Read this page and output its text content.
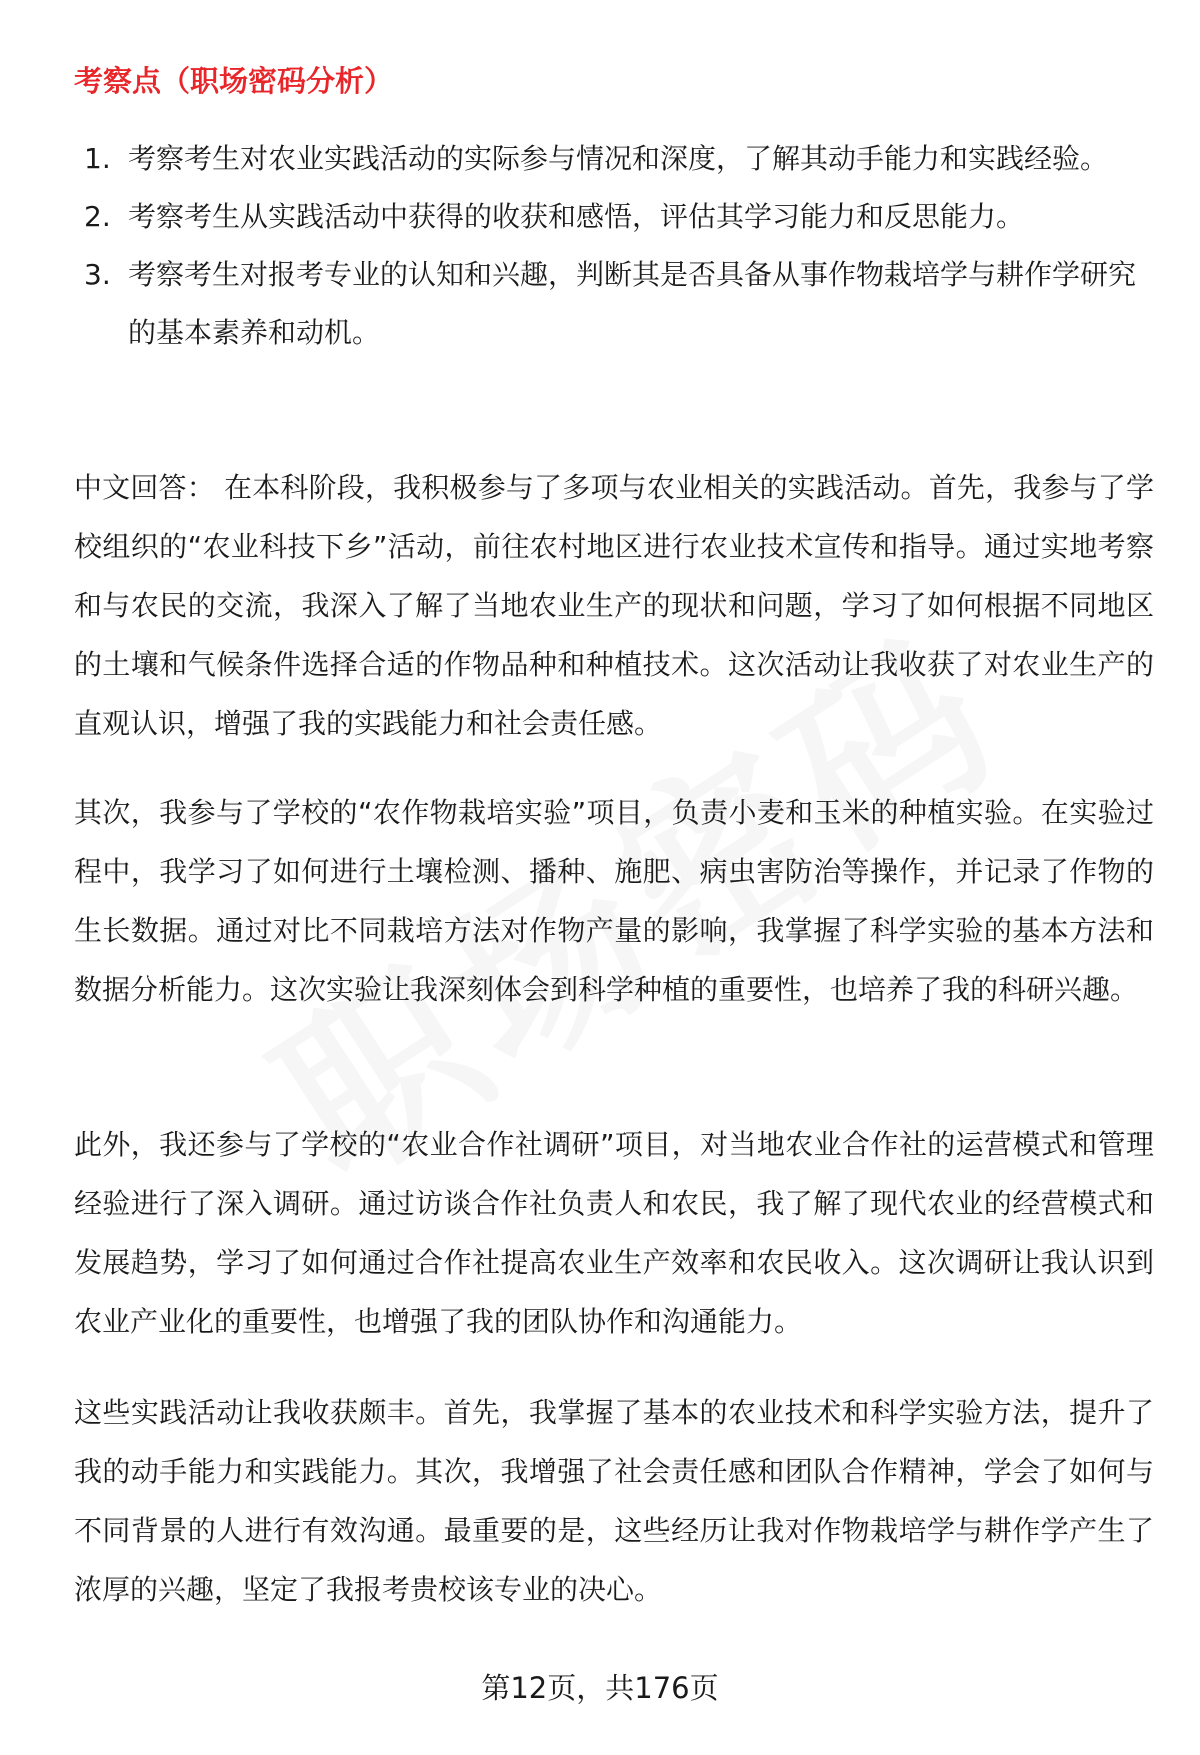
考察点（职场密码分析）
1. 考察考生对农业实践活动的实际参与情况和深度，了解其动手能力和实践经验。
2. 考察考生从实践活动中获得的收获和感悟，评估其学习能力和反思能力。
3. 考察考生对报考专业的认知和兴趣，判断其是否具备从事作物栽培学与耕作学研究的基本素养和动机。

中文回答： 在本科阶段，我积极参与了多项与农业相关的实践活动。首先，我参与了学校组织的“农业科技下乡”活动，前往农村地区进行农业技术宣传和指导。通过实地考察和与农民的交流，我深入了解了当地农业生产的现状和问题，学习了如何根据不同地区的土壤和气候条件选择合适的作物品种和种植技术。这次活动让我收获了对农业生产的直观认识，增强了我的实践能力和社会责任感。

其次，我参与了学校的“农作物栽培实验”项目，负责小麦和玉米的种植实验。在实验过程中，我学习了如何进行土壤检测、播种、施肥、病虫害防治等操作，并记录了作物的生长数据。通过对比不同栽培方法对作物产量的影响，我掌握了科学实验的基本方法和数据分析能力。这次实验让我深刻体会到科学种植的重要性，也培养了我的科研兴趣。

此外，我还参与了学校的“农业合作社调研”项目，对当地农业合作社的运营模式和管理经验进行了深入调研。通过访谈合作社负责人和农民，我了解了现代农业的经营模式和发展趋势，学习了如何通过合作社提高农业生产效率和农民收入。这次调研让我认识到农业产业化的重要性，也增强了我的团队协作和沟通能力。

这些实践活动让我收获颇丰。首先，我掌握了基本的农业技术和科学实验方法，提升了我的动手能力和实践能力。其次，我增强了社会责任感和团队合作精神，学会了如何与不同背景的人进行有效沟通。最重要的是，这些经历让我对作物栽培学与耕作学产生了浓厚的兴趣，坚定了我报考贵校该专业的决心。

第12页，共176页
